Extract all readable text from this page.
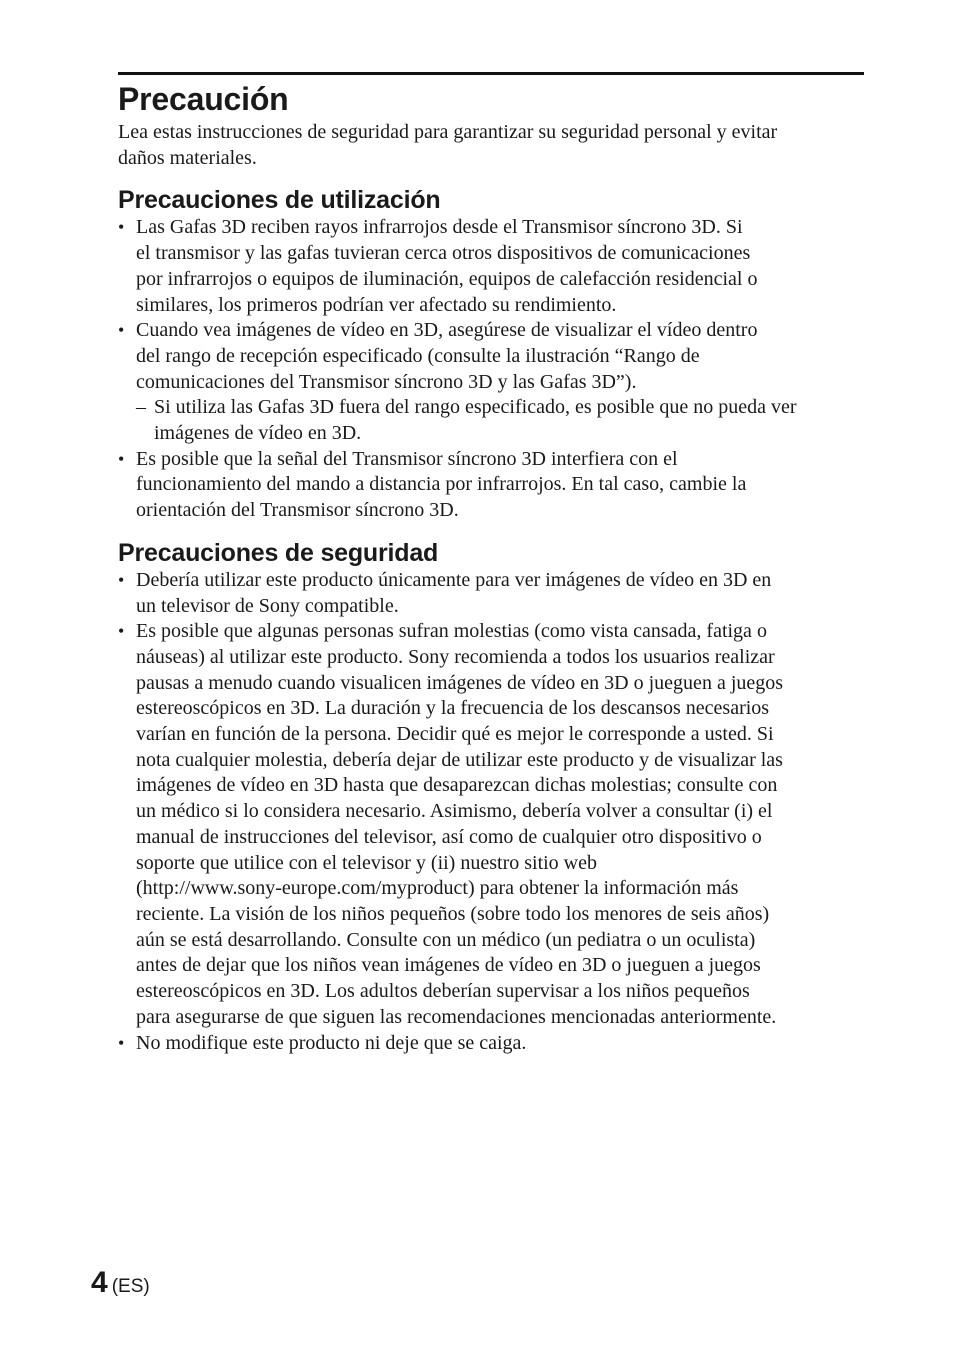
Precaución

Lea estas instrucciones de seguridad para garantizar su seguridad personal y evitar
daños materiales.

Precauciones de utilización
• Las Gafas 3D reciben rayos infrarrojos desde el Transmisor síncrono 3D. Si
el transmisor y las gafas tuvieran cerca otros dispositivos de comunicaciones
por infrarrojos o equipos de iluminación, equipos de calefacción residencial o
similares, los primeros podrían ver afectado su rendimiento.
• Cuando vea imágenes de vídeo en 3D, asegúrese de visualizar el vídeo dentro
del rango de recepción especificado (consulte la ilustración “Rango de
comunicaciones del Transmisor síncrono 3D y las Gafas 3D”).
– Si utiliza las Gafas 3D fuera del rango especificado, es posible que no pueda ver
imágenes de vídeo en 3D.
• Es posible que la señal del Transmisor síncrono 3D interfiera con el
funcionamiento del mando a distancia por infrarrojos. En tal caso, cambie la
orientación del Transmisor síncrono 3D.
Precauciones de seguridad
• Debería utilizar este producto únicamente para ver imágenes de vídeo en 3D en
un televisor de Sony compatible.
• Es posible que algunas personas sufran molestias (como vista cansada, fatiga o
náuseas) al utilizar este producto. Sony recomienda a todos los usuarios realizar
pausas a menudo cuando visualicen imágenes de vídeo en 3D o jueguen a juegos
estereoscópicos en 3D. La duración y la frecuencia de los descansos necesarios
varían en función de la persona. Decidir qué es mejor le corresponde a usted. Si
nota cualquier molestia, debería dejar de utilizar este producto y de visualizar las
imágenes de vídeo en 3D hasta que desaparezcan dichas molestias; consulte con
un médico si lo considera necesario. Asimismo, debería volver a consultar (i) el
manual de instrucciones del televisor, así como de cualquier otro dispositivo o
soporte que utilice con el televisor y (ii) nuestro sitio web
(http://www.sony-europe.com/myproduct) para obtener la información más
reciente. La visión de los niños pequeños (sobre todo los menores de seis años)
aún se está desarrollando. Consulte con un médico (un pediatra o un oculista)
antes de dejar que los niños vean imágenes de vídeo en 3D o jueguen a juegos
estereoscópicos en 3D. Los adultos deberían supervisar a los niños pequeños
para asegurarse de que siguen las recomendaciones mencionadas anteriormente.
• No modifique este producto ni deje que se caiga.
4 (ES)
